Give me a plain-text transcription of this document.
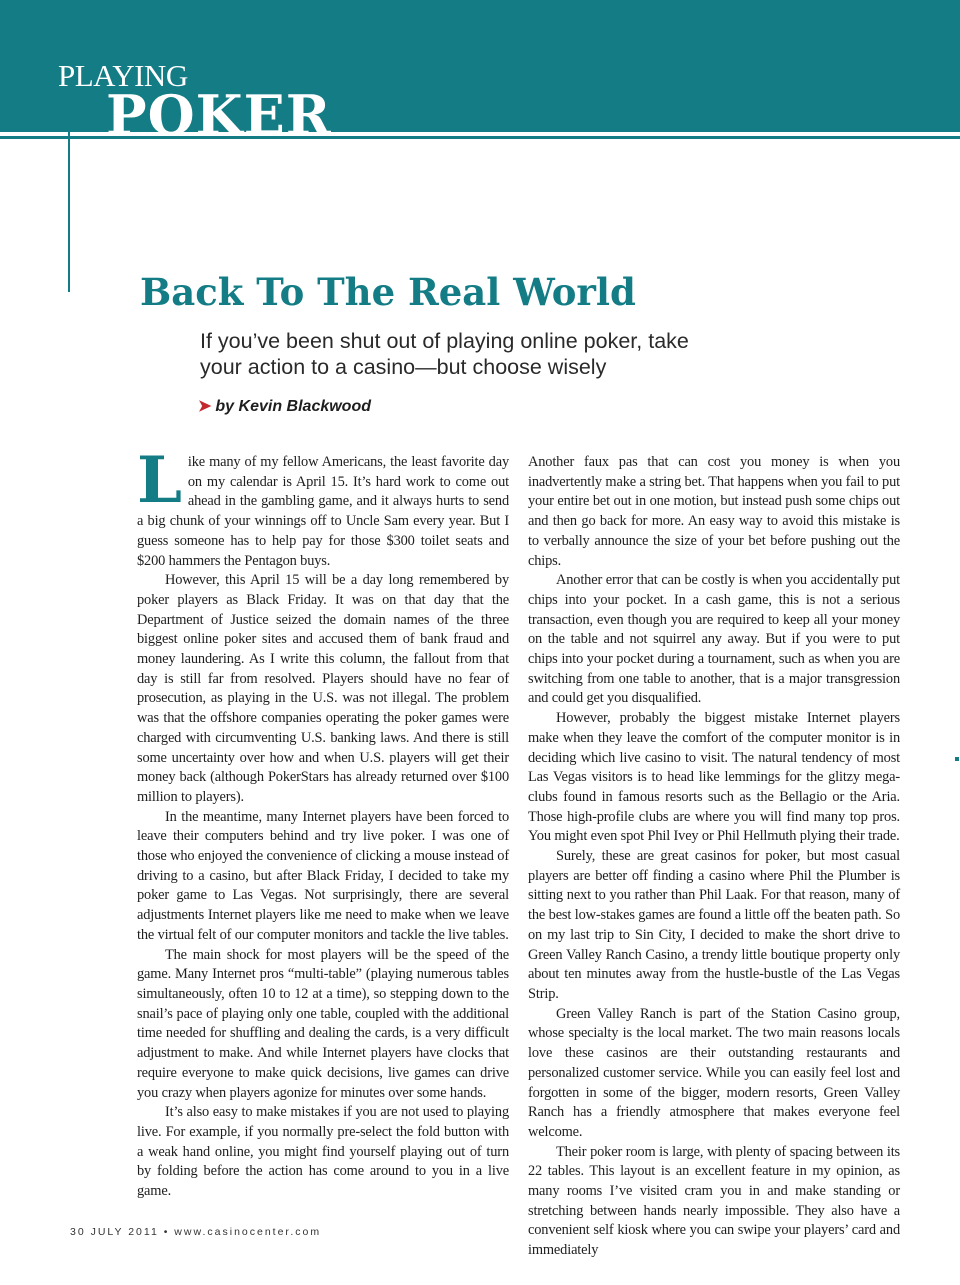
PLAYING
POKER
Back To The Real World
If you’ve been shut out of playing online poker, take your action to a casino—but choose wisely
➤ by Kevin Blackwood

Like many of my fellow Americans, the least favorite day on my calendar is April 15. It’s hard work to come out ahead in the gambling game, and it always hurts to send a big chunk of your winnings off to Uncle Sam every year. But I guess someone has to help pay for those $300 toilet seats and $200 hammers the Pentagon buys.

However, this April 15 will be a day long remembered by poker players as Black Friday. It was on that day that the Department of Justice seized the domain names of the three biggest online poker sites and accused them of bank fraud and money laundering. As I write this column, the fallout from that day is still far from resolved. Players should have no fear of prosecution, as playing in the U.S. was not illegal. The problem was that the offshore companies operating the poker games were charged with circumventing U.S. banking laws. And there is still some uncertainty over how and when U.S. players will get their money back (although PokerStars has already returned over $100 million to players).

In the meantime, many Internet players have been forced to leave their computers behind and try live poker. I was one of those who enjoyed the convenience of clicking a mouse instead of driving to a casino, but after Black Friday, I decided to take my poker game to Las Vegas. Not surprisingly, there are several adjustments Internet players like me need to make when we leave the virtual felt of our computer monitors and tackle the live tables.

The main shock for most players will be the speed of the game. Many Internet pros “multi-table” (playing numerous tables simultaneously, often 10 to 12 at a time), so stepping down to the snail’s pace of playing only one table, coupled with the additional time needed for shuffling and dealing the cards, is a very difficult adjustment to make. And while Internet players have clocks that require everyone to make quick decisions, live games can drive you crazy when players agonize for minutes over some hands.

It’s also easy to make mistakes if you are not used to playing live. For example, if you normally pre-select the fold button with a weak hand online, you might find yourself playing out of turn by folding before the action has come around to you in a live game.

Another faux pas that can cost you money is when you inadvertently make a string bet. That happens when you fail to put your entire bet out in one motion, but instead push some chips out and then go back for more. An easy way to avoid this mistake is to verbally announce the size of your bet before pushing out the chips.

Another error that can be costly is when you accidentally put chips into your pocket. In a cash game, this is not a serious transaction, even though you are required to keep all your money on the table and not squirrel any away. But if you were to put chips into your pocket during a tournament, such as when you are switching from one table to another, that is a major transgression and could get you disqualified.

However, probably the biggest mistake Internet players make when they leave the comfort of the computer monitor is in deciding which live casino to visit. The natural tendency of most Las Vegas visitors is to head like lemmings for the glitzy mega-clubs found in famous resorts such as the Bellagio or the Aria. Those high-profile clubs are where you will find many top pros. You might even spot Phil Ivey or Phil Hellmuth plying their trade.

Surely, these are great casinos for poker, but most casual players are better off finding a casino where Phil the Plumber is sitting next to you rather than Phil Laak. For that reason, many of the best low-stakes games are found a little off the beaten path. So on my last trip to Sin City, I decided to make the short drive to Green Valley Ranch Casino, a trendy little boutique property only about ten minutes away from the hustle-bustle of the Las Vegas Strip.

Green Valley Ranch is part of the Station Casino group, whose specialty is the local market. The two main reasons locals love these casinos are their outstanding restaurants and personalized customer service. While you can easily feel lost and forgotten in some of the bigger, modern resorts, Green Valley Ranch has a friendly atmosphere that makes everyone feel welcome.

Their poker room is large, with plenty of spacing between its 22 tables. This layout is an excellent feature in my opinion, as many rooms I’ve visited cram you in and make standing or stretching between hands nearly impossible. They also have a convenient self kiosk where you can swipe your players’ card and immediately

30 JULY 2011 • www.casinocenter.com
